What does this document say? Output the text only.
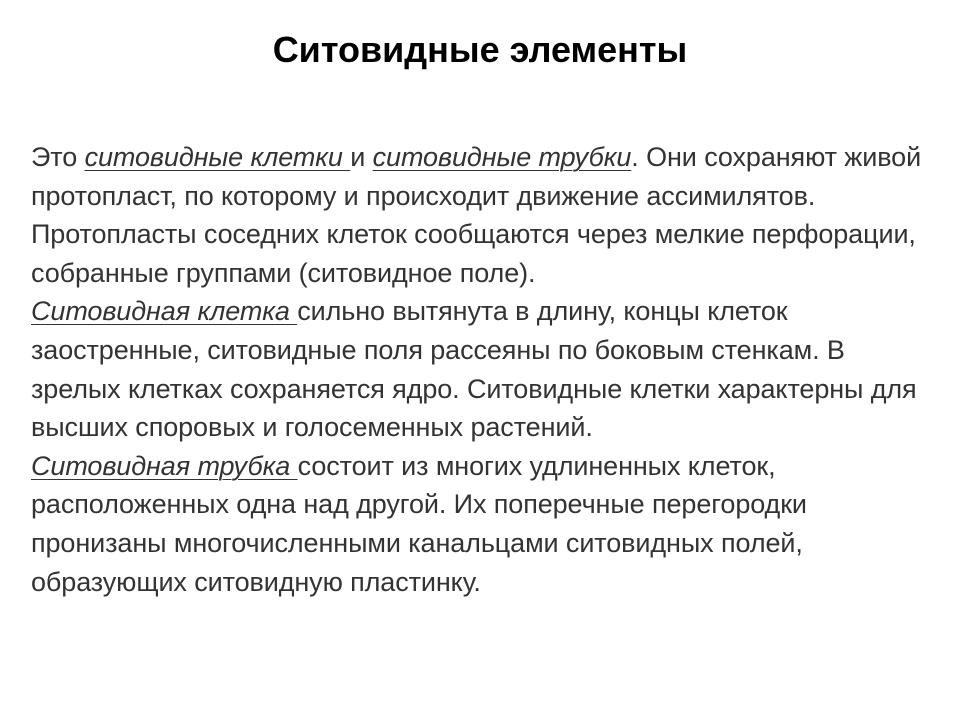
Ситовидные элементы

Это ситовидные клетки и ситовидные трубки. Они сохраняют живой протопласт, по которому и происходит движение ассимилятов.

Протопласты соседних клеток сообщаются через мелкие перфорации, собранные группами (ситовидное поле).

Ситовидная клетка сильно вытянута в длину, концы клеток заостренные, ситовидные поля рассеяны по боковым стенкам. В зрелых клетках сохраняется ядро. Ситовидные клетки характерны для высших споровых и голосеменных растений.

Ситовидная трубка состоит из многих удлиненных клеток, расположенных одна над другой. Их поперечные перегородки пронизаны многочисленными канальцами ситовидных полей, образующих ситовидную пластинку.
